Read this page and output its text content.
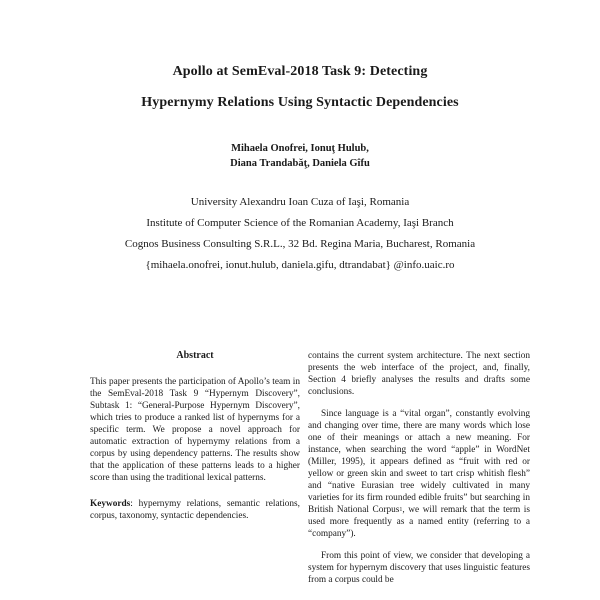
Apollo at SemEval-2018 Task 9: Detecting
Hypernymy Relations Using Syntactic Dependencies
Mihaela Onofrei, Ionuţ Hulub,
Diana Trandabăţ, Daniela Gîfu
University Alexandru Ioan Cuza of Iaşi, Romania
Institute of Computer Science of the Romanian Academy, Iaşi Branch
Cognos Business Consulting S.R.L., 32 Bd. Regina Maria, Bucharest, Romania
{mihaela.onofrei, ionut.hulub, daniela.gifu, dtrandabat} @info.uaic.ro
Abstract

This paper presents the participation of Apollo’s team in the SemEval-2018 Task 9 “Hypernym Discovery”, Subtask 1: “General-Purpose Hypernym Discovery”, which tries to produce a ranked list of hypernyms for a specific term. We propose a novel approach for automatic extraction of hypernymy relations from a corpus by using dependency patterns. The results show that the application of these patterns leads to a higher score than using the traditional lexical patterns.

Keywords: hypernymy relations, semantic relations, corpus, taxonomy, syntactic dependencies.

contains the current system architecture. The next section presents the web interface of the project, and, finally, Section 4 briefly analyses the results and drafts some conclusions.

Since language is a “vital organ”, constantly evolving and changing over time, there are many words which lose one of their meanings or attach a new meaning. For instance, when searching the word “apple” in WordNet (Miller, 1995), it appears defined as “fruit with red or yellow or green skin and sweet to tart crisp whitish flesh” and “native Eurasian tree widely cultivated in many varieties for its firm rounded edible fruits” but searching in British National Corpus$^1$, we will remark that the term is used more frequently as a named entity (referring to a “company”).

From this point of view, we consider that developing a system for hypernym discovery that uses linguistic features from a corpus could be
